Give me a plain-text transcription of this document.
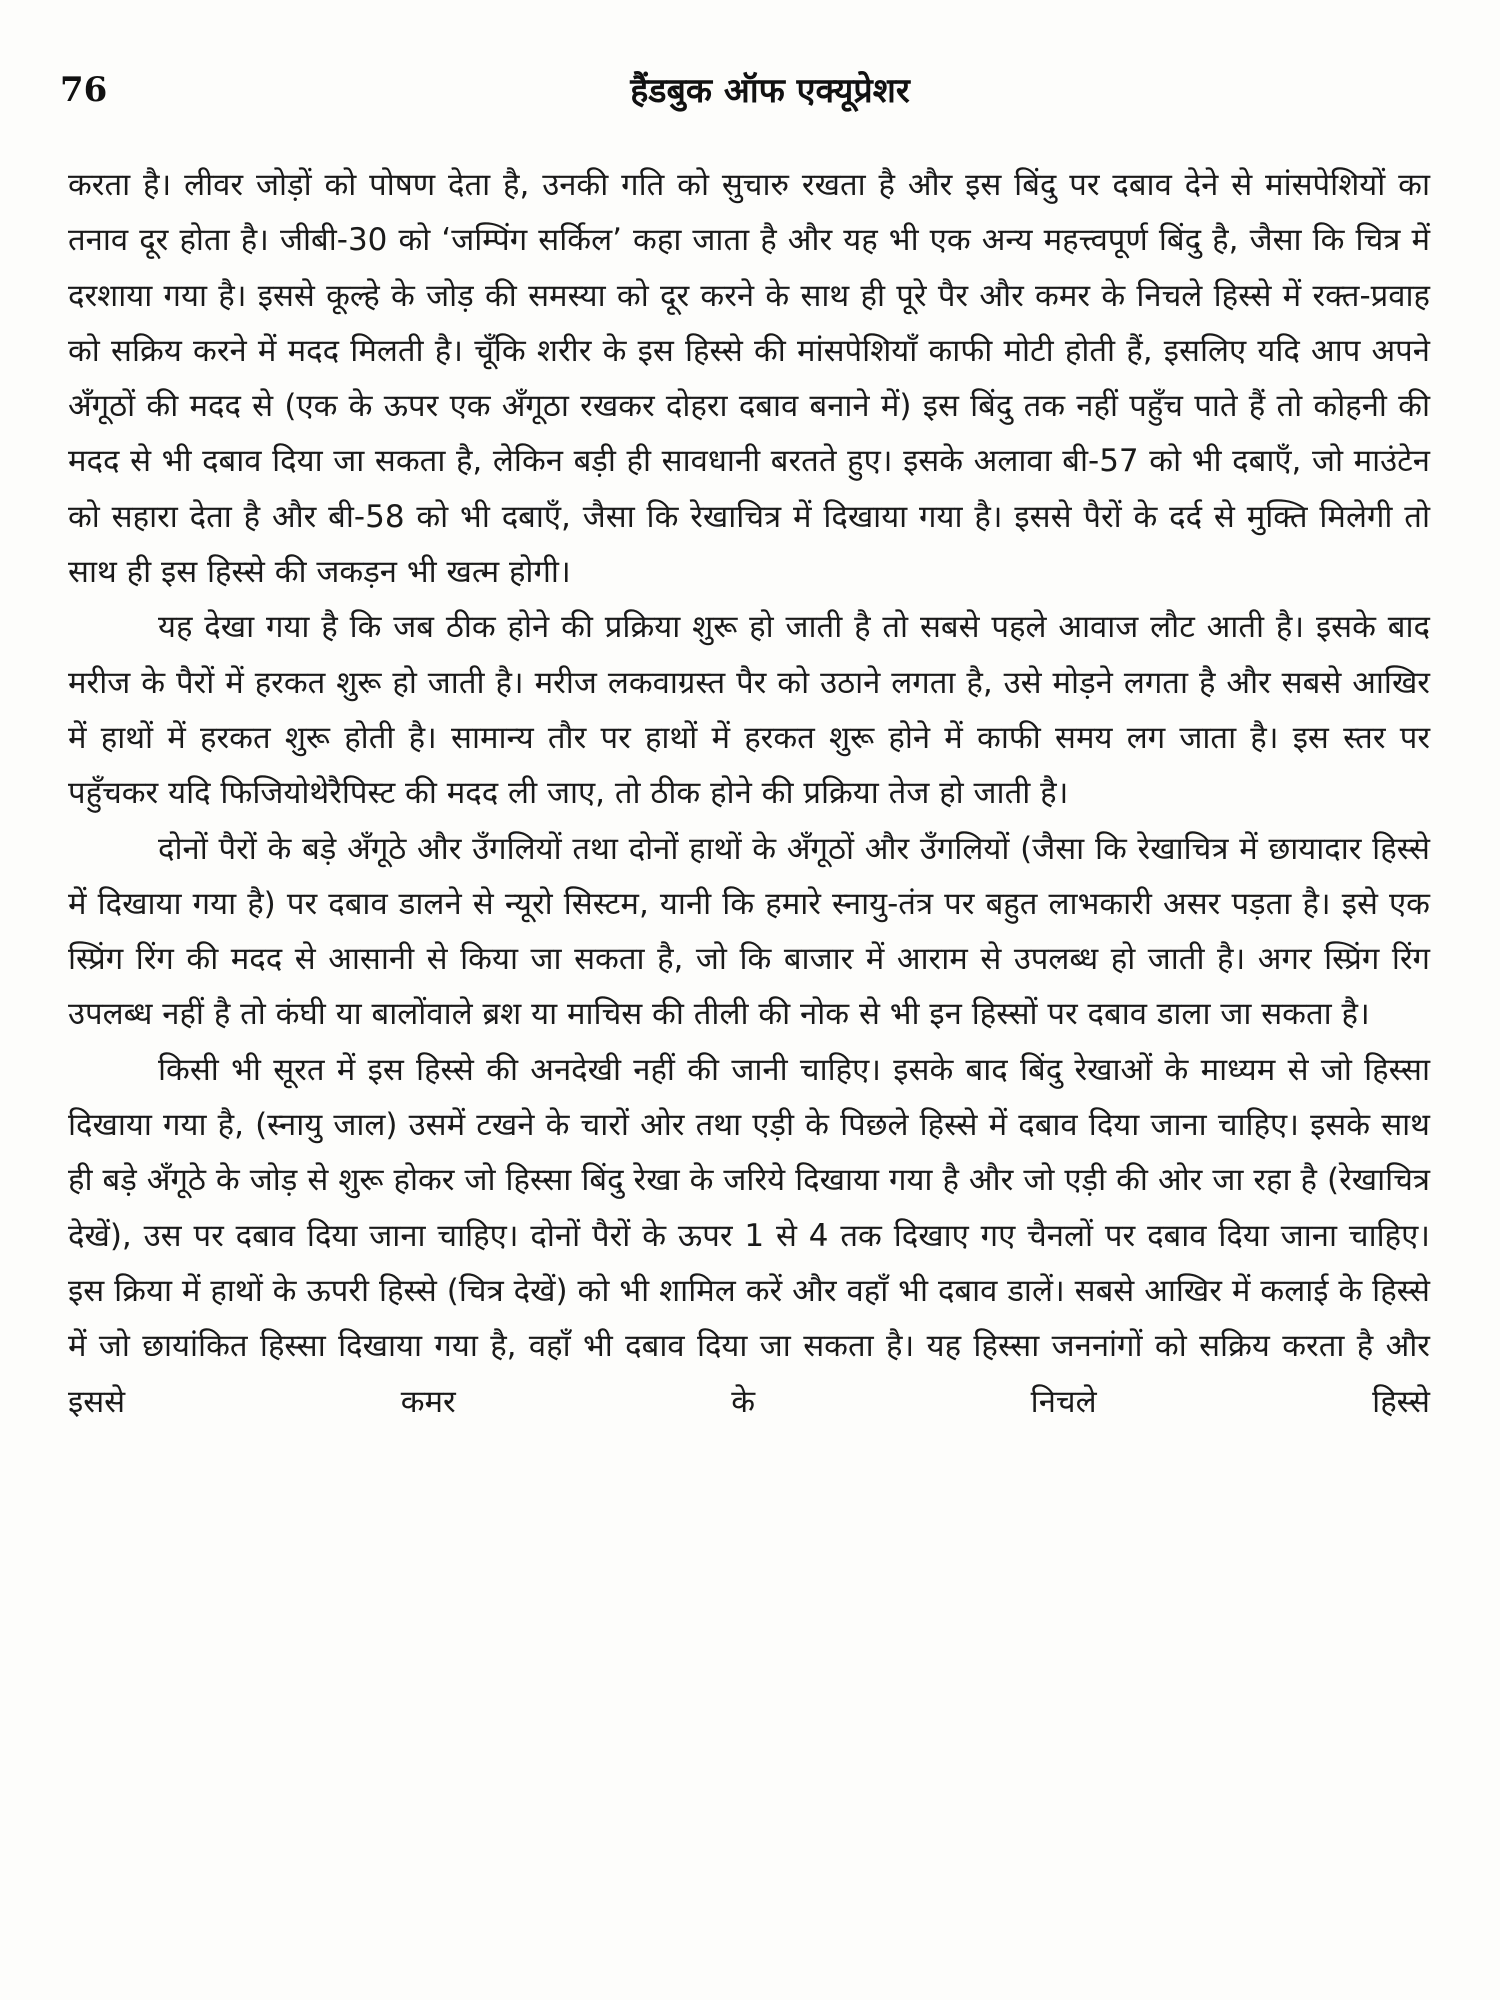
76	हैंडबुक ऑफ एक्यूप्रेशर

करता है। लीवर जोड़ों को पोषण देता है, उनकी गति को सुचारु रखता है और इस बिंदु पर दबाव देने से मांसपेशियों का तनाव दूर होता है। जीबी-30 को ‘जम्पिंग सर्किल’ कहा जाता है और यह भी एक अन्य महत्त्वपूर्ण बिंदु है, जैसा कि चित्र में दरशाया गया है। इससे कूल्हे के जोड़ की समस्या को दूर करने के साथ ही पूरे पैर और कमर के निचले हिस्से में रक्त-प्रवाह को सक्रिय करने में मदद मिलती है। चूँकि शरीर के इस हिस्से की मांसपेशियाँ काफी मोटी होती हैं, इसलिए यदि आप अपने अँगूठों की मदद से (एक के ऊपर एक अँगूठा रखकर दोहरा दबाव बनाने में) इस बिंदु तक नहीं पहुँच पाते हैं तो कोहनी की मदद से भी दबाव दिया जा सकता है, लेकिन बड़ी ही सावधानी बरतते हुए। इसके अलावा बी-57 को भी दबाएँ, जो माउंटेन को सहारा देता है और बी-58 को भी दबाएँ, जैसा कि रेखाचित्र में दिखाया गया है। इससे पैरों के दर्द से मुक्ति मिलेगी तो साथ ही इस हिस्से की जकड़न भी खत्म होगी।

यह देखा गया है कि जब ठीक होने की प्रक्रिया शुरू हो जाती है तो सबसे पहले आवाज लौट आती है। इसके बाद मरीज के पैरों में हरकत शुरू हो जाती है। मरीज लकवाग्रस्त पैर को उठाने लगता है, उसे मोड़ने लगता है और सबसे आखिर में हाथों में हरकत शुरू होती है। सामान्य तौर पर हाथों में हरकत शुरू होने में काफी समय लग जाता है। इस स्तर पर पहुँचकर यदि फिजियोथेरैपिस्ट की मदद ली जाए, तो ठीक होने की प्रक्रिया तेज हो जाती है।

दोनों पैरों के बड़े अँगूठे और उँगलियों तथा दोनों हाथों के अँगूठों और उँगलियों (जैसा कि रेखाचित्र में छायादार हिस्से में दिखाया गया है) पर दबाव डालने से न्यूरो सिस्टम, यानी कि हमारे स्नायु-तंत्र पर बहुत लाभकारी असर पड़ता है। इसे एक स्प्रिंग रिंग की मदद से आसानी से किया जा सकता है, जो कि बाजार में आराम से उपलब्ध हो जाती है। अगर स्प्रिंग रिंग उपलब्ध नहीं है तो कंघी या बालोंवाले ब्रश या माचिस की तीली की नोक से भी इन हिस्सों पर दबाव डाला जा सकता है।

किसी भी सूरत में इस हिस्से की अनदेखी नहीं की जानी चाहिए। इसके बाद बिंदु रेखाओं के माध्यम से जो हिस्सा दिखाया गया है, (स्नायु जाल) उसमें टखने के चारों ओर तथा एड़ी के पिछले हिस्से में दबाव दिया जाना चाहिए। इसके साथ ही बड़े अँगूठे के जोड़ से शुरू होकर जो हिस्सा बिंदु रेखा के जरिये दिखाया गया है और जो एड़ी की ओर जा रहा है (रेखाचित्र देखें), उस पर दबाव दिया जाना चाहिए। दोनों पैरों के ऊपर 1 से 4 तक दिखाए गए चैनलों पर दबाव दिया जाना चाहिए। इस क्रिया में हाथों के ऊपरी हिस्से (चित्र देखें) को भी शामिल करें और वहाँ भी दबाव डालें। सबसे आखिर में कलाई के हिस्से में जो छायांकित हिस्सा दिखाया गया है, वहाँ भी दबाव दिया जा सकता है। यह हिस्सा जननांगों को सक्रिय करता है और इससे कमर के निचले हिस्से
